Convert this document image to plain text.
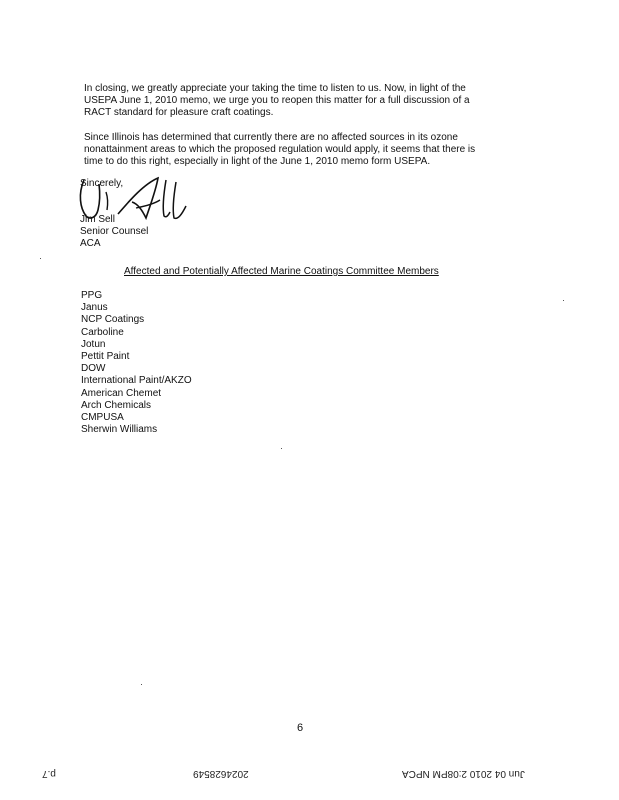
In closing, we greatly appreciate your taking the time to listen to us. Now, in light of the
USEPA June 1, 2010 memo, we urge you to reopen this matter for a full discussion of a
RACT standard for pleasure craft coatings.
Since Illinois has determined that currently there are no affected sources in its ozone
nonattainment areas to which the proposed regulation would apply, it seems that there is
time to do this right, especially in light of the June 1, 2010 memo form USEPA.
Sincerely,
Jim Sell
Senior Counsel
ACA
Affected and Potentially Affected Marine Coatings Committee Members
PPG
Janus
NCP Coatings
Carboline
Jotun
Pettit Paint
DOW
International Paint/AKZO
American Chemet
Arch Chemicals
CMPUSA
Sherwin Williams
6
p.7	2024628549	Jun 04 2010 2:08PM NPCA
